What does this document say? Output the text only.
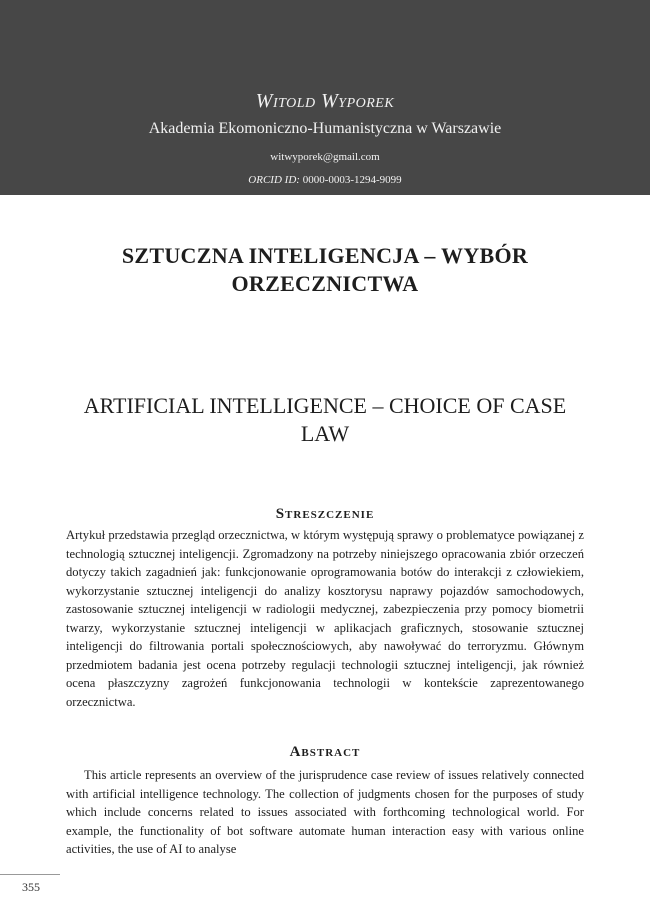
Witold Wyporek
Akademia Ekomoniczno-Humanistyczna w Warszawie
witwyporek@gmail.com
ORCID ID: 0000-0003-1294-9099
SZTUCZNA INTELIGENCJA – WYBÓR ORZECZNICTWA
ARTIFICIAL INTELLIGENCE – CHOICE OF CASE LAW
Streszczenie
Artykuł przedstawia przegląd orzecznictwa, w którym występują sprawy o problematyce powiązanej z technologią sztucznej inteligencji. Zgromadzony na potrzeby niniejszego opracowania zbiór orzeczeń dotyczy takich zagadnień jak: funkcjonowanie oprogramowania botów do interakcji z człowiekiem, wykorzystanie sztucznej inteligencji do analizy kosztorysu naprawy pojazdów samochodowych, zastosowanie sztucznej inteligencji w radiologii medycznej, zabezpieczenia przy pomocy biometrii twarzy, wykorzystanie sztucznej inteligencji w aplikacjach graficznych, stosowanie sztucznej inteligencji do filtrowania portali społecznościowych, aby nawoływać do terroryzmu. Głównym przedmiotem badania jest ocena potrzeby regulacji technologii sztucznej inteligencji, jak również ocena płaszczyzny zagrożeń funkcjonowania technologii w kontekście zaprezentowanego orzecznictwa.
Abstract
This article represents an overview of the jurisprudence case review of issues relatively connected with artificial intelligence technology. The collection of judgments chosen for the purposes of study which include concerns related to issues associated with forthcoming technological world. For example, the functionality of bot software automate human interaction easy with various online activities, the use of AI to analyse
355
